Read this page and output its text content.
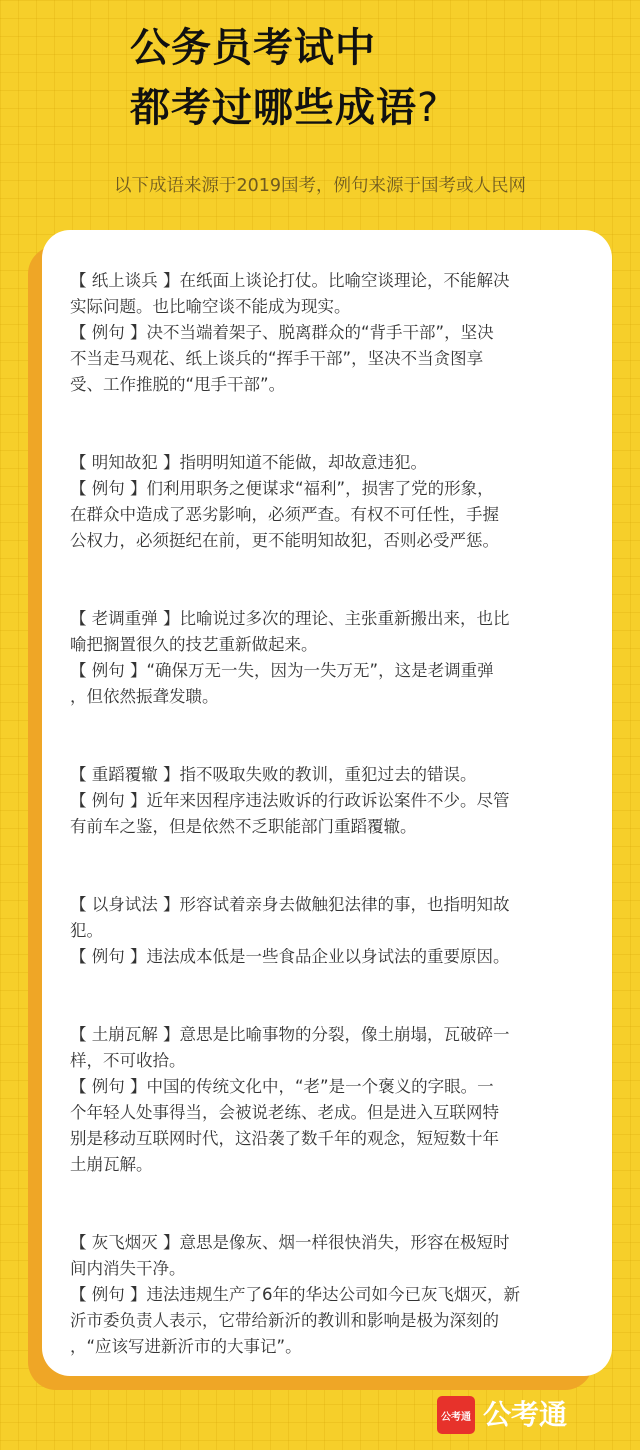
公务员考试中
都考过哪些成语?
以下成语来源于2019国考，例句来源于国考或人民网

【 纸上谈兵 】在纸面上谈论打仗。比喻空谈理论，不能解决

实际问题。也比喻空谈不能成为现实。

【 例句 】决不当端着架子、脱离群众的“背手干部”，坚决

不当走马观花、纸上谈兵的“挥手干部”，坚决不当贪图享

受、工作推脱的“甩手干部”。

【 明知故犯 】指明明知道不能做，却故意违犯。

【 例句 】们利用职务之便谋求“福利”，损害了党的形象，

在群众中造成了恶劣影响，必须严查。有权不可任性，手握

公权力，必须挺纪在前，更不能明知故犯，否则必受严惩。

【 老调重弹 】比喻说过多次的理论、主张重新搬出来，也比

喻把搁置很久的技艺重新做起来。

【 例句 】“确保万无一失，因为一失万无”，这是老调重弹

，但依然振聋发聩。

【 重蹈覆辙 】指不吸取失败的教训，重犯过去的错误。

【 例句 】近年来因程序违法败诉的行政诉讼案件不少。尽管

有前车之鉴，但是依然不乏职能部门重蹈覆辙。

【 以身试法 】形容试着亲身去做触犯法律的事，也指明知故

犯。

【 例句 】违法成本低是一些食品企业以身试法的重要原因。

【 土崩瓦解 】意思是比喻事物的分裂，像土崩塌，瓦破碎一

样，不可收拾。

【 例句 】中国的传统文化中，“老”是一个褒义的字眼。一

个年轻人处事得当，会被说老练、老成。但是进入互联网特

别是移动互联网时代，这沿袭了数千年的观念，短短数十年

土崩瓦解。

【 灰飞烟灭 】意思是像灰、烟一样很快消失，形容在极短时

间内消失干净。

【 例句 】违法违规生产了6年的华达公司如今已灰飞烟灭，新

沂市委负责人表示，它带给新沂的教训和影响是极为深刻的

，“应该写进新沂市的大事记”。

公考通 公考通
